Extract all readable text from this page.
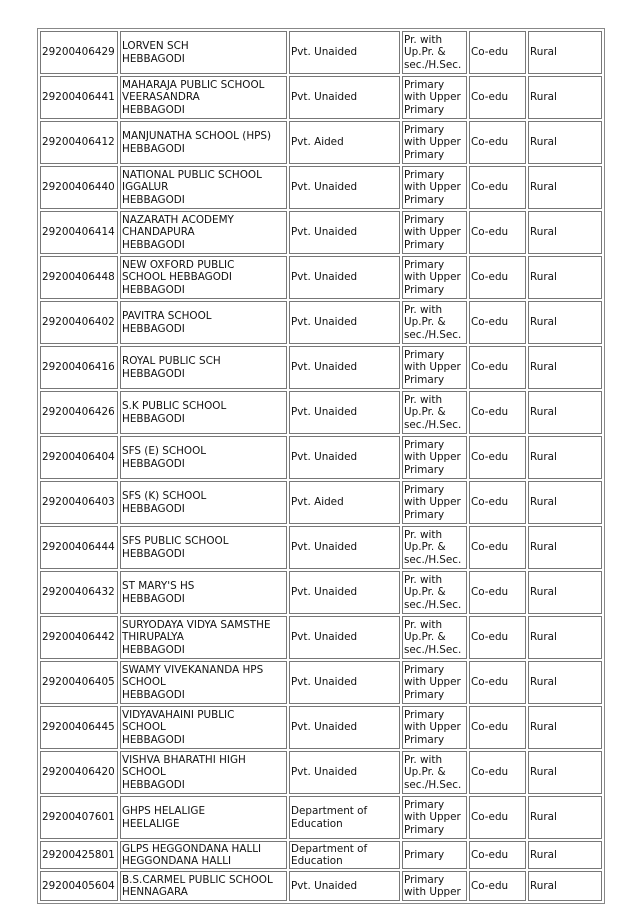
29200406429	LORVEN SCH
HEBBAGODI	Pvt. Unaided	Pr. with
Up.Pr. &
sec./H.Sec.	Co-edu	Rural
29200406441	MAHARAJA PUBLIC SCHOOL
VEERASANDRA
HEBBAGODI	Pvt. Unaided	Primary
with Upper
Primary	Co-edu	Rural
29200406412	MANJUNATHA SCHOOL (HPS)
HEBBAGODI	Pvt. Aided	Primary
with Upper
Primary	Co-edu	Rural
29200406440	NATIONAL PUBLIC SCHOOL
IGGALUR
HEBBAGODI	Pvt. Unaided	Primary
with Upper
Primary	Co-edu	Rural
29200406414	NAZARATH ACODEMY
CHANDAPURA
HEBBAGODI	Pvt. Unaided	Primary
with Upper
Primary	Co-edu	Rural
29200406448	NEW OXFORD PUBLIC
SCHOOL HEBBAGODI
HEBBAGODI	Pvt. Unaided	Primary
with Upper
Primary	Co-edu	Rural
29200406402	PAVITRA SCHOOL
HEBBAGODI	Pvt. Unaided	Pr. with
Up.Pr. &
sec./H.Sec.	Co-edu	Rural
29200406416	ROYAL PUBLIC SCH
HEBBAGODI	Pvt. Unaided	Primary
with Upper
Primary	Co-edu	Rural
29200406426	S.K PUBLIC SCHOOL
HEBBAGODI	Pvt. Unaided	Pr. with
Up.Pr. &
sec./H.Sec.	Co-edu	Rural
29200406404	SFS (E) SCHOOL
HEBBAGODI	Pvt. Unaided	Primary
with Upper
Primary	Co-edu	Rural
29200406403	SFS (K) SCHOOL
HEBBAGODI	Pvt. Aided	Primary
with Upper
Primary	Co-edu	Rural
29200406444	SFS PUBLIC SCHOOL
HEBBAGODI	Pvt. Unaided	Pr. with
Up.Pr. &
sec./H.Sec.	Co-edu	Rural
29200406432	ST MARY'S HS
HEBBAGODI	Pvt. Unaided	Pr. with
Up.Pr. &
sec./H.Sec.	Co-edu	Rural
29200406442	SURYODAYA VIDYA SAMSTHE
THIRUPALYA
HEBBAGODI	Pvt. Unaided	Pr. with
Up.Pr. &
sec./H.Sec.	Co-edu	Rural
29200406405	SWAMY VIVEKANANDA HPS
SCHOOL
HEBBAGODI	Pvt. Unaided	Primary
with Upper
Primary	Co-edu	Rural
29200406445	VIDYAVAHAINI PUBLIC
SCHOOL
HEBBAGODI	Pvt. Unaided	Primary
with Upper
Primary	Co-edu	Rural
29200406420	VISHVA BHARATHI HIGH
SCHOOL
HEBBAGODI	Pvt. Unaided	Pr. with
Up.Pr. &
sec./H.Sec.	Co-edu	Rural
29200407601	GHPS HELALIGE
HEELALIGE	Department of
Education	Primary
with Upper
Primary	Co-edu	Rural
29200425801	GLPS HEGGONDANA HALLI
HEGGONDANA HALLI	Department of
Education	Primary	Co-edu	Rural
29200405604	B.S.CARMEL PUBLIC SCHOOL
HENNAGARA	Pvt. Unaided	Primary
with Upper	Co-edu	Rural
